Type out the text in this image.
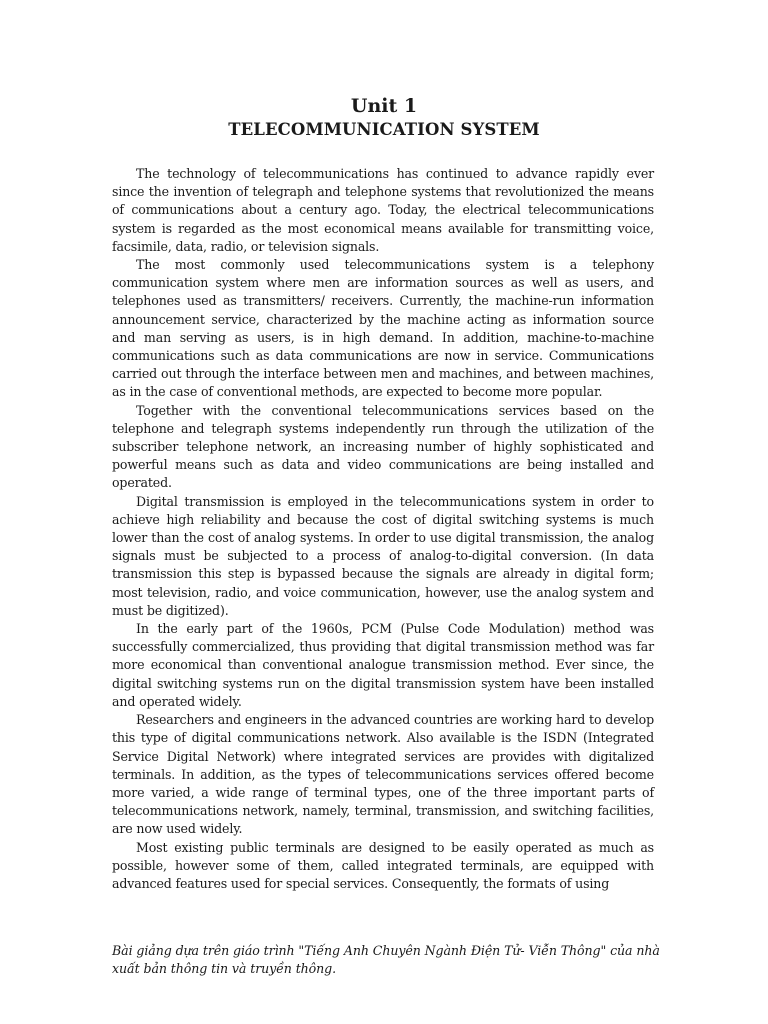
Unit 1
TELECOMMUNICATION SYSTEM

The technology of telecommunications has continued to advance rapidly ever since the invention of telegraph and telephone systems that revolutionized the means of communications about a century ago. Today, the electrical telecommunications system is regarded as the most economical means available for transmitting voice, facsimile, data, radio, or television signals.

The most commonly used telecommunications system is a telephony communication system where men are information sources as well as users, and telephones used as transmitters/ receivers. Currently, the machine-run information announcement service, characterized by the machine acting as information source and man serving as users, is in high demand. In addition, machine-to-machine communications such as data communications are now in service. Communications carried out through the interface between men and machines, and between machines, as in the case of conventional methods, are expected to become more popular.

Together with the conventional telecommunications services based on the telephone and telegraph systems independently run through the utilization of the subscriber telephone network, an increasing number of highly sophisticated and powerful means such as data and video communications are being installed and operated.

Digital transmission is employed in the telecommunications system in order to achieve high reliability and because the cost of digital switching systems is much lower than the cost of analog systems. In order to use digital transmission, the analog signals must be subjected to a process of analog-to-digital conversion. (In data transmission this step is bypassed because the signals are already in digital form; most television, radio, and voice communication, however, use the analog system and must be digitized).

In the early part of the 1960s, PCM (Pulse Code Modulation) method was successfully commercialized, thus providing that digital transmission method was far more economical than conventional analogue transmission method. Ever since, the digital switching systems run on the digital transmission system have been installed and operated widely.

Researchers and engineers in the advanced countries are working hard to develop this type of digital communications network. Also available is the ISDN (Integrated Service Digital Network) where integrated services are provides with digitalized terminals. In addition, as the types of telecommunications services offered become more varied, a wide range of terminal types, one of the three important parts of telecommunications network, namely, terminal, transmission, and switching facilities, are now used widely.

Most existing public terminals are designed to be easily operated as much as possible, however some of them, called integrated terminals, are equipped with advanced features used for special services. Consequently, the formats of using

Bài giảng dựa trên giáo trình "Tiếng Anh Chuyên Ngành Điện Tử- Viễn Thông" của nhà xuất bản thông tin và truyền thông.
